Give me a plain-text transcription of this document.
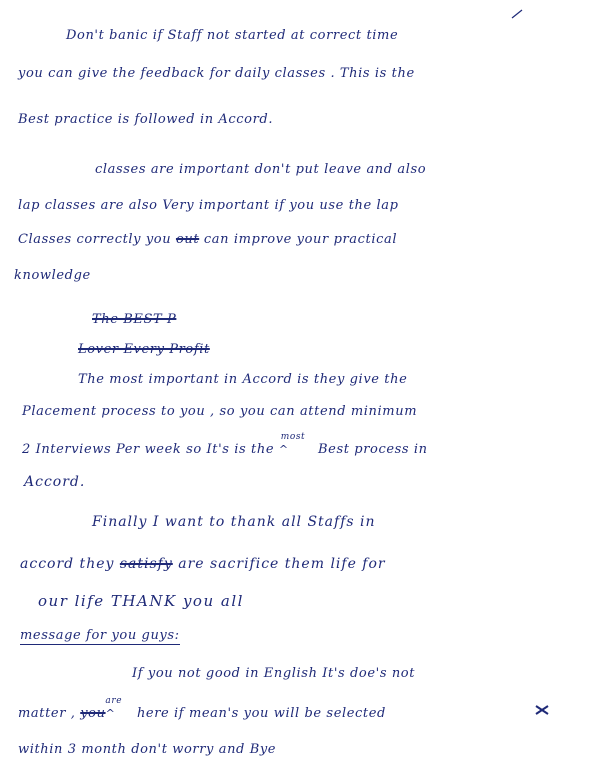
Don't banic if Staff not started at correct time
you can give the feedback for daily classes . This is the
Best practice is followed in Accord.
classes are important don't put leave and also
lap classes are also Very important if you use the lap
Classes correctly you out can improve your practical
knowledge
The BEST P
Lover Every Profit
The most important in Accord is they give the
Placement process to you , so you can attend minimum
2 Interviews Per week so It's is the ^$^{most}$ Best process in
Accord.
Finally I want to thank all Staffs in
accord they satisfy are sacrifice them life for
our life THANK you all
message for you guys:
If you not good in English It's doe's not
matter , you^$^{are}$ here if mean's you will be selected
within 3 month don't worry and Bye
